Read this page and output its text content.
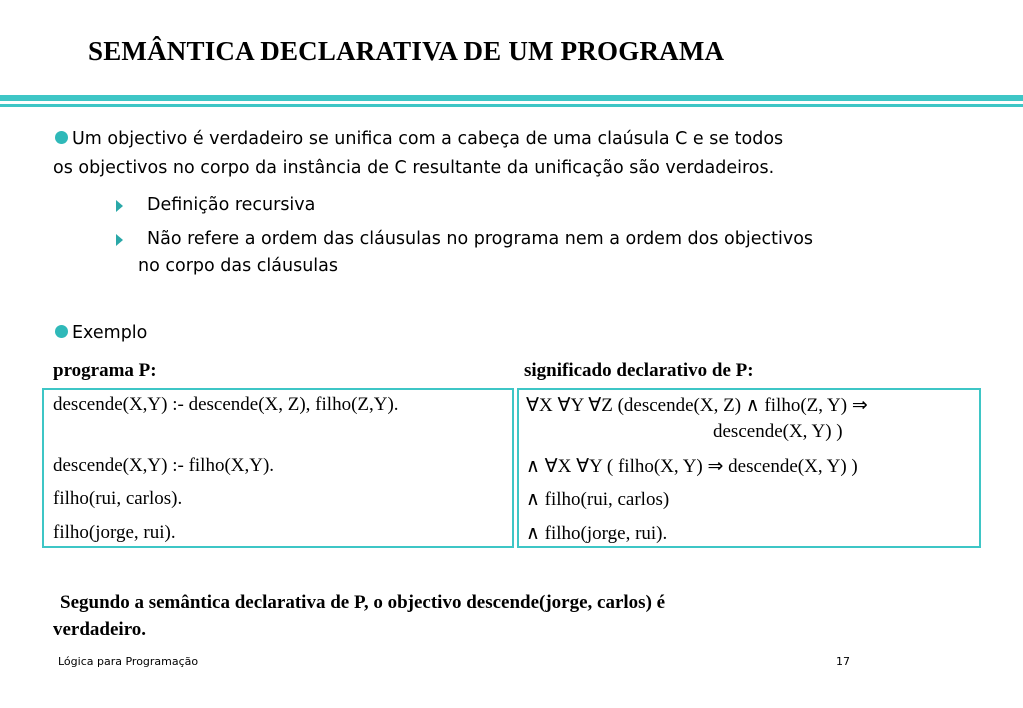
SEMÂNTICA DECLARATIVA DE UM PROGRAMA
Um objectivo é verdadeiro se unifica com a cabeça de uma claúsula C e se todos
os objectivos no corpo da instância de C resultante da unificação são verdadeiros.
Definição recursiva
Não refere a ordem das cláusulas no programa nem a ordem dos objectivos
no corpo das cláusulas
Exemplo
programa P:	significado declarativo de P:
descende(X,Y) :- descende(X, Z), filho(Z,Y).
descende(X,Y) :- filho(X,Y).
filho(rui, carlos).
filho(jorge, rui).
∀X ∀Y ∀Z (descende(X, Z) ∧ filho(Z, Y) ⇒
descende(X, Y) )
∧ ∀X ∀Y ( filho(X, Y) ⇒ descende(X, Y) )
∧ filho(rui, carlos)
∧ filho(jorge, rui).
Segundo a semântica declarativa de P, o objectivo descende(jorge, carlos) é
verdadeiro.
Lógica para Programação	17
